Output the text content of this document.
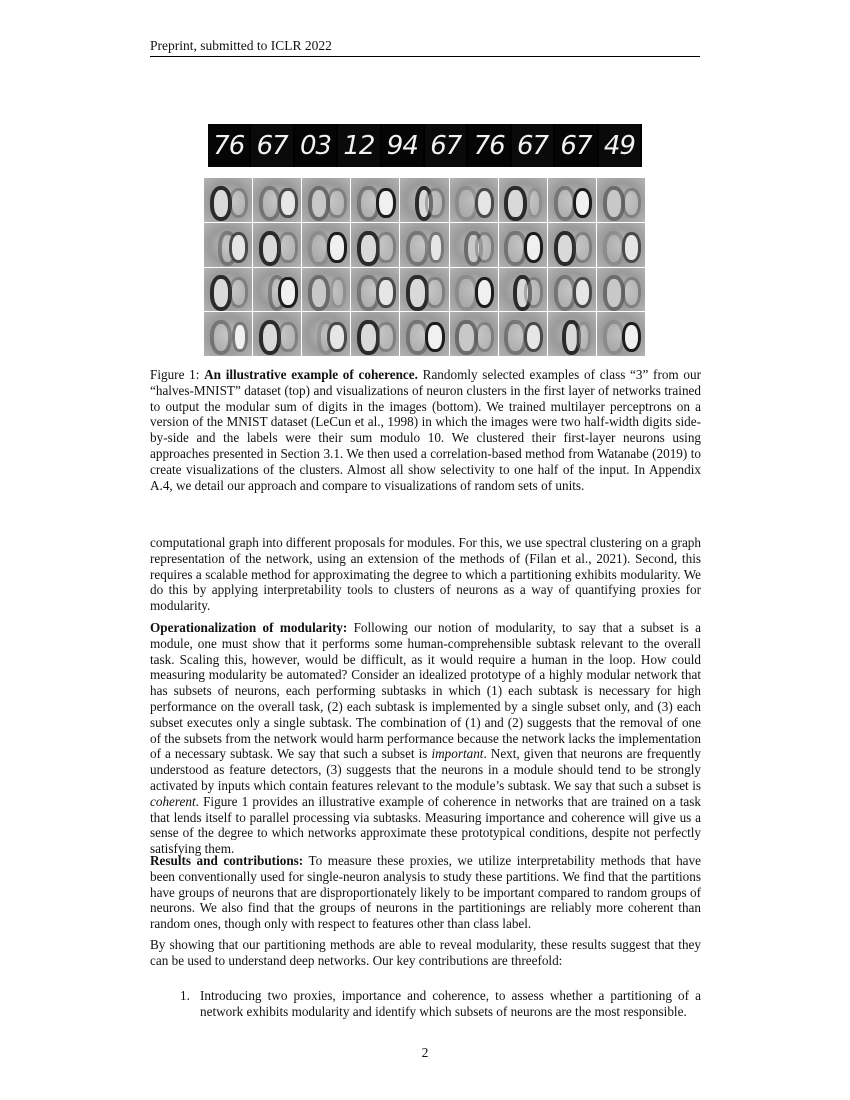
Preprint, submitted to ICLR 2022
7 6 6 7 0 3 1 2 9 4 6 7 7 6 6 7 6 7 4 9
Figure 1: An illustrative example of coherence. Randomly selected examples of class “3” from our “halves-MNIST” dataset (top) and visualizations of neuron clusters in the first layer of networks trained to output the modular sum of digits in the images (bottom). We trained multilayer perceptrons on a version of the MNIST dataset (LeCun et al., 1998) in which the images were two half-width digits side-by-side and the labels were their sum modulo 10. We clustered their first-layer neurons using approaches presented in Section 3.1. We then used a correlation-based method from Watanabe (2019) to create visualizations of the clusters. Almost all show selectivity to one half of the input. In Appendix A.4, we detail our approach and compare to visualizations of random sets of units.

computational graph into different proposals for modules. For this, we use spectral clustering on a graph representation of the network, using an extension of the methods of (Filan et al., 2021). Second, this requires a scalable method for approximating the degree to which a partitioning exhibits modularity. We do this by applying interpretability tools to clusters of neurons as a way of quantifying proxies for modularity.

Operationalization of modularity: Following our notion of modularity, to say that a subset is a module, one must show that it performs some human-comprehensible subtask relevant to the overall task. Scaling this, however, would be difficult, as it would require a human in the loop. How could measuring modularity be automated? Consider an idealized prototype of a highly modular network that has subsets of neurons, each performing subtasks in which (1) each subtask is necessary for high performance on the overall task, (2) each subtask is implemented by a single subset only, and (3) each subset executes only a single subtask. The combination of (1) and (2) suggests that the removal of one of the subsets from the network would harm performance because the network lacks the implementation of a necessary subtask. We say that such a subset is important. Next, given that neurons are frequently understood as feature detectors, (3) suggests that the neurons in a module should tend to be strongly activated by inputs which contain features relevant to the module’s subtask. We say that such a subset is coherent. Figure 1 provides an illustrative example of coherence in networks that are trained on a task that lends itself to parallel processing via subtasks. Measuring importance and coherence will give us a sense of the degree to which networks approximate these prototypical conditions, despite not perfectly satisfying them.

Results and contributions: To measure these proxies, we utilize interpretability methods that have been conventionally used for single-neuron analysis to study these partitions. We find that the partitions have groups of neurons that are disproportionately likely to be important compared to random groups of neurons. We also find that the groups of neurons in the partitionings are reliably more coherent than random ones, though only with respect to features other than class label.

By showing that our partitioning methods are able to reveal modularity, these results suggest that they can be used to understand deep networks. Our key contributions are threefold:

1. Introducing two proxies, importance and coherence, to assess whether a partitioning of a network exhibits modularity and identify which subsets of neurons are the most responsible.
2
